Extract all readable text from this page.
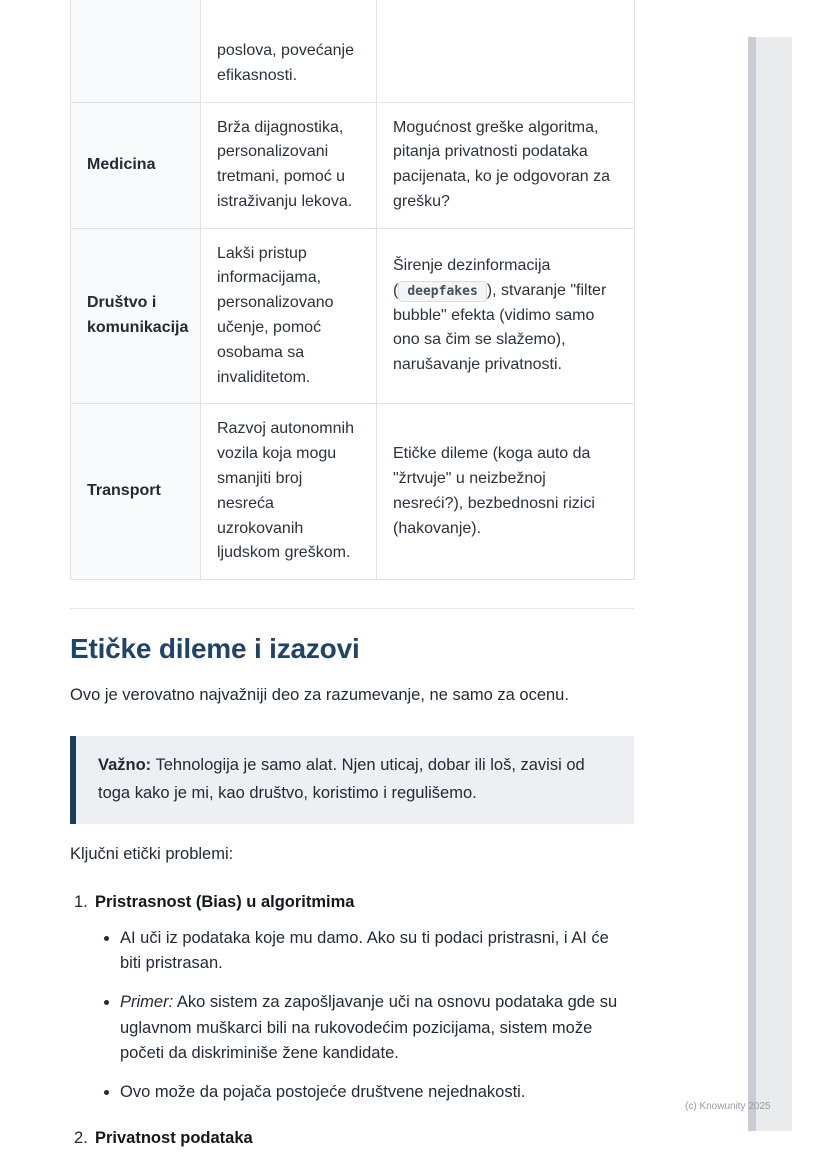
	poslova, povećanje efikasnosti.	
Medicina	Brža dijagnostika, personalizovani tretmani, pomoć u istraživanju lekova.	Mogućnost greške algoritma, pitanja privatnosti podataka pacijenata, ko je odgovoran za grešku?
Društvo i komunikacija	Lakši pristup informacijama, personalizovano učenje, pomoć osobama sa invaliditetom.	Širenje dezinformacija ( deepfakes ), stvaranje "filter bubble" efekta (vidimo samo ono sa čim se slažemo), narušavanje privatnosti.
Transport	Razvoj autonomnih vozila koja mogu smanjiti broj nesreća uzrokovanih ljudskom greškom.	Etičke dileme (koga auto da "žrtvuje" u neizbežnoj nesreći?), bezbednosni rizici (hakovanje).
Etičke dileme i izazovi

Ovo je verovatno najvažniji deo za razumevanje, ne samo za ocenu.

Važno: Tehnologija je samo alat. Njen uticaj, dobar ili loš, zavisi od toga kako je mi, kao društvo, koristimo i regulišemo.

Ključni etički problemi:

1. Pristrasnost (Bias) u algoritmima
• AI uči iz podataka koje mu damo. Ako su ti podaci pristrasni, i AI će biti pristrasan.
• Primer: Ako sistem za zapošljavanje uči na osnovu podataka gde su uglavnom muškarci bili na rukovodećim pozicijama, sistem može početi da diskriminiše žene kandidate.
• Ovo može da pojača postojeće društvene nejednakosti.
2. Privatnost podataka
(c) Knowunity 2025
